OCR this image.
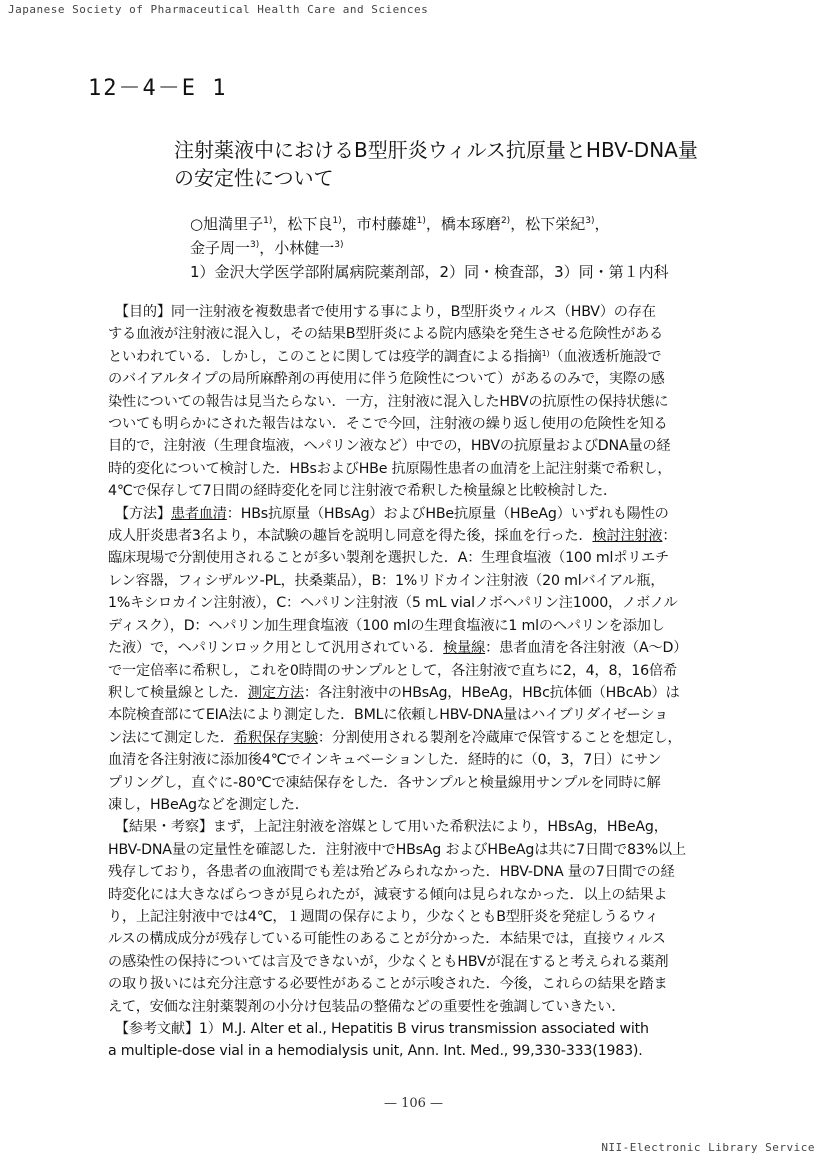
Japanese Society of Pharmaceutical Health Care and Sciences
12－4－E 1
注射薬液中におけるB型肝炎ウィルス抗原量とHBV-DNA量
の安定性について
○旭満里子$^{1)}$，松下良$^{1)}$，市村藤雄$^{1)}$，橋本琢磨$^{2)}$，松下栄紀$^{3)}$，
金子周一$^{3)}$，小林健一$^{3)}$
1）金沢大学医学部附属病院薬剤部，2）同・検査部，3）同・第１内科
　【目的】同一注射液を複数患者で使用する事により，B型肝炎ウィルス（HBV）の存在
する血液が注射液に混入し，その結果B型肝炎による院内感染を発生させる危険性がある
といわれている．しかし，このことに関しては疫学的調査による指摘$^{1)}$（血液透析施設で
のバイアルタイプの局所麻酔剤の再使用に伴う危険性について）があるのみで，実際の感
染性についての報告は見当たらない．一方，注射液に混入したHBVの抗原性の保持状態に
ついても明らかにされた報告はない．そこで今回，注射液の繰り返し使用の危険性を知る
目的で，注射液（生理食塩液，ヘパリン液など）中での，HBVの抗原量およびDNA量の経
時的変化について検討した．HBsおよびHBe 抗原陽性患者の血清を上記注射薬で希釈し，
4℃で保存して7日間の経時変化を同じ注射液で希釈した検量線と比較検討した．
　【方法】患者血清：HBs抗原量（HBsAg）およびHBe抗原量（HBeAg）いずれも陽性の
成人肝炎患者3名より，本試験の趣旨を説明し同意を得た後，採血を行った．検討注射液：
臨床現場で分割使用されることが多い製剤を選択した．A：生理食塩液（100 mlポリエチ
レン容器，フィシザルツ-PL，扶桑薬品），B：1%リドカイン注射液（20 mlバイアル瓶，
1%キシロカイン注射液），C：ヘパリン注射液（5 mL vialノボヘパリン注1000，ノボノル
ディスク），D：ヘパリン加生理食塩液（100 mlの生理食塩液に1 mlのヘパリンを添加し
た液）で，ヘパリンロック用として汎用されている．検量線：患者血清を各注射液（A〜D）
で一定倍率に希釈し，これを0時間のサンプルとして，各注射液で直ちに2，4，8，16倍希
釈して検量線とした．測定方法：各注射液中のHBsAg，HBeAg，HBc抗体価（HBcAb）は
本院検査部にてEIA法により測定した．BMLに依頼しHBV-DNA量はハイブリダイゼーショ
ン法にて測定した．希釈保存実験：分割使用される製剤を冷蔵庫で保管することを想定し，
血清を各注射液に添加後4℃でインキュベーションした．経時的に（0，3，7日）にサン
プリングし，直ぐに-80℃で凍結保存をした．各サンプルと検量線用サンプルを同時に解
凍し，HBeAgなどを測定した．
　【結果・考察】まず，上記注射液を溶媒として用いた希釈法により，HBsAg，HBeAg，
HBV-DNA量の定量性を確認した．注射液中でHBsAg およびHBeAgは共に7日間で83%以上
残存しており，各患者の血液間でも差は殆どみられなかった．HBV-DNA 量の7日間での経
時変化には大きなばらつきが見られたが，減衰する傾向は見られなかった．以上の結果よ
り，上記注射液中では4℃，１週間の保存により，少なくともB型肝炎を発症しうるウィ
ルスの構成成分が残存している可能性のあることが分かった．本結果では，直接ウィルス
の感染性の保持については言及できないが，少なくともHBVが混在すると考えられる薬剤
の取り扱いには充分注意する必要性があることが示唆された．今後，これらの結果を踏ま
えて，安価な注射薬製剤の小分け包装品の整備などの重要性を強調していきたい．
　【参考文献】1）M.J. Alter et al., Hepatitis B virus transmission associated with
a multiple-dose vial in a hemodialysis unit, Ann. Int. Med., 99,330-333(1983).
— 106 —
NII-Electronic Library Service
